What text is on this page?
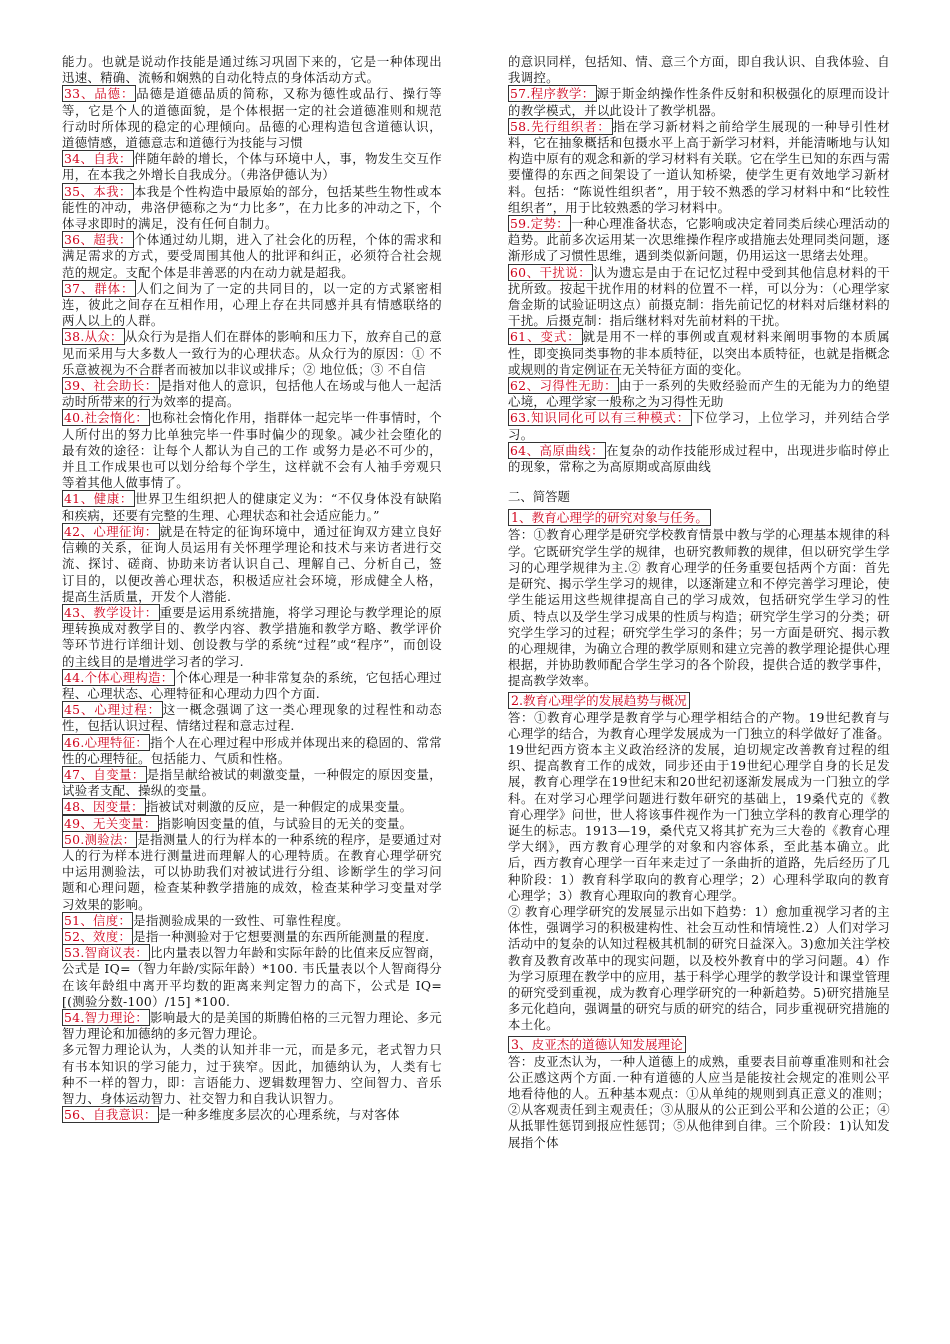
能力。也就是说动作技能是通过练习巩固下来的，它是一种体现出迅速、精确、流畅和娴熟的自动化特点的身体活动方式。

33、品德： 品德是道德品质的简称，又称为德性或品行、操行等等，它是个人的道德面貌，是个体根据一定的社会道德准则和规范行动时所体现的稳定的心理倾向。品德的心理构造包含道德认识，道德情感，道德意志和道德行为技能与习惯

34、自我： 伴随年龄的增长，个体与环境中人，事，物发生交互作用，在本我之外增长自我成分。（弗洛伊德认为）

35、本我： 本我是个性构造中最原始的部分，包括某些生物性或本能性的冲动，弗洛伊德称之为“力比多”，在力比多的冲动之下，个体寻求即时的满足，没有任何自制力。

36、超我： 个体通过幼儿期，进入了社会化的历程，个体的需求和满足需求的方式，要受周围其他人的批评和纠正，必须符合社会规范的规定。支配个体是非善恶的内在动力就是超我。

37、群体： 人们之间为了一定的共同目的，以一定的方式紧密相连，彼此之间存在互相作用，心理上存在共同感并具有情感联络的两人以上的人群。

38.从众： 从众行为是指人们在群体的影响和压力下，放弃自己的意见而采用与大多数人一致行为的心理状态。从众行为的原因：① 不乐意被视为不合群者而被加以非议或排斥；② 地位低；③ 不自信

39、社会助长： 是指对他人的意识，包括他人在场或与他人一起活动时所带来的行为效率的提高。

40.社会惰化： 也称社会惰化作用，指群体一起完毕一件事情时，个人所付出的努力比单独完毕一件事时偏少的现象。减少社会堕化的最有效的途径：让每个人都认为自己的工作 或努力是必不可少的，并且工作成果也可以划分给每个学生，这样就不会有人袖手旁观只等着其他人做事情了。

41、健康： 世界卫生组织把人的健康定义为：“不仅身体没有缺陷和疾病，还要有完整的生理、心理状态和社会适应能力。”

42、心理征询： 就是在特定的征询环境中，通过征询双方建立良好信赖的关系，征询人员运用有关怀理学理论和技术与来访者进行交流、探讨、磋商、协助来访者认识自己、理解自己、分析自己，签订目的，以便改善心理状态，积极适应社会环境，形成健全人格，提高生活质量，开发个人潜能.

43、教学设计： 重要是运用系统措施，将学习理论与教学理论的原理转换成对教学目的、教学内容、教学措施和教学方略、教学评价等环节进行详细计划、创设教与学的系统“过程”或“程序”，而创设的主线目的是增进学习者的学习.

44.个体心理构造： 个体心理是一种非常复杂的系统，它包括心理过程、心理状态、心理特征和心理动力四个方面.

45、心理过程： 这一概念强调了这一类心理现象的过程性和动态性，包括认识过程、情绪过程和意志过程.

46.心理特征： 指个人在心理过程中形成并体现出来的稳固的、常常性的心理特征。包括能力、气质和性格。

47、自变量： 是指呈献给被试的刺激变量，一种假定的原因变量，试验者支配、操纵的变量。

48、因变量： 指被试对刺激的反应，是一种假定的成果变量。

49、无关变量： 指影响因变量的值，与试验目的无关的变量。

50.测验法： 是指测量人的行为样本的一种系统的程序，是要通过对人的行为样本进行测量进而理解人的心理特质。在教育心理学研究中运用测验法，可以协助我们对被试进行分组、诊断学生的学习问题和心理问题，检查某种教学措施的成效，检查某种学习变量对学习效果的影响。

51、信度： 是指测验成果的一致性、可靠性程度。

52、效度： 是指一种测验对于它想要测量的东西所能测量的程度.

53.智商议表： 比内量表以智力年龄和实际年龄的比值来反应智商，公式是 IQ=（智力年龄/实际年龄）*100. 韦氏量表以个人智商得分在该年龄组中离开平均数的距离来判定智力的高下，公式是 IQ=[(测验分数-100）/15] *100.

54.智力理论： 影响最大的是美国的斯腾伯格的三元智力理论、多元智力理论和加德纳的多元智力理论。

多元智力理论认为，人类的认知并非一元，而是多元，老式智力只有书本知识的学习能力，过于狭窄。因此，加德纳认为，人类有七种不一样的智力，即：言语能力、逻辑数理智力、空间智力、音乐智力、身体运动智力、社交智力和自我认识智力。

56、自我意识： 是一种多维度多层次的心理系统，与对客体

的意识同样，包括知、情、意三个方面，即自我认识、自我体验、自我调控。

57.程序教学： 源于斯金纳操作性条件反射和积极强化的原理而设计的教学模式，并以此设计了教学机器。

58.先行组织者： 指在学习新材料之前给学生展现的一种导引性材料，它在抽象概括和包摄水平上高于新学习材料，并能清晰地与认知构造中原有的观念和新的学习材料有关联。它在学生已知的东西与需要懂得的东西之间架设了一道认知桥梁，使学生更有效地学习新材料。包括：“陈说性组织者”，用于较不熟悉的学习材料中和“比较性组织者”，用于比较熟悉的学习材料中。

59.定势： 一种心理准备状态，它影响或决定着同类后续心理活动的趋势。此前多次运用某一次思维操作程序或措施去处理同类问题，逐渐形成了习惯性思维，遇到类似新问题，仍用运这一思绪去处理。

60、干扰说： 认为遗忘是由于在记忆过程中受到其他信息材料的干扰所致。按起干扰作用的材料的位置不一样，可以分为：（心理学家詹金斯的试验证明这点）前摄克制：指先前记忆的材料对后继材料的干扰。后摄克制：指后继材料对先前材料的干扰。

61、变式： 就是用不一样的事例或直观材料来阐明事物的本质属性，即变换同类事物的非本质特征，以突出本质特征，也就是指概念或规则的肯定例证在无关特征方面的变化。

62、习得性无助： 由于一系列的失败经验而产生的无能为力的绝望心境，心理学家一般称之为习得性无助

63.知识同化可以有三种模式： 下位学习，上位学习，并列结合学习。

64、高原曲线： 在复杂的动作技能形成过程中，出现进步临时停止的现象，常称之为高原期或高原曲线

二、简答题
1、教育心理学的研究对象与任务。

答：①教育心理学是研究学校教育情景中教与学的心理基本规律的科学。它既研究学生学的规律，也研究教师教的规律，但以研究学生学习的心理学规律为主.② 教育心理学的任务重要包括两个方面：首先是研究、揭示学生学习的规律，以逐渐建立和不停完善学习理论，使学生能运用这些规律提高自己的学习成效，包括研究学生学习的性质、特点以及学生学习成果的性质与构造；研究学生学习的分类；研究学生学习的过程；研究学生学习的条件；另一方面是研究、揭示教的心理规律，为确立合理的教学原则和建立完善的教学理论提供心理根据，并协助教师配合学生学习的各个阶段，提供合适的教学事件，提高教学效率。

2.教育心理学的发展趋势与概况

答：①教育心理学是教育学与心理学相结合的产物。19世纪教育与心理学的结合，为教育心理学发展成为一门独立的科学做好了准备。19世纪西方资本主义政治经济的发展，迫切规定改善教育过程的组织、提高教育工作的成效，同步还由于19世纪心理学自身的长足发展，教育心理学在19世纪末和20世纪初逐渐发展成为一门独立的学科。在对学习心理学问题进行数年研究的基础上，19桑代克的《教育心理学》问世，世人将该事件视作为一门独立学科的教育心理学的诞生的标志。1913—19，桑代克又将其扩充为三大卷的《教育心理学大纲》，西方教育心理学的对象和内容体系，至此基本确立。此后，西方教育心理学一百年来走过了一条曲折的道路，先后经历了几种阶段：1）教育科学取向的教育心理学；2）心理科学取向的教育心理学；3）教育心理取向的教育心理学。

② 教育心理学研究的发展显示出如下趋势：1）愈加重视学习者的主体性，强调学习的积极建构性、社会互动性和情境性.2）人们对学习活动中的复杂的认知过程极其机制的研究日益深入。3)愈加关注学校教育及教育改革中的现实问题，以及校外教育中的学习问题。4）作为学习原理在教学中的应用，基于科学心理学的教学设计和课堂管理的研究受到重视，成为教育心理学研究的一种新趋势。5)研究措施呈多元化趋向，强调量的研究与质的研究的结合，同步重视研究措施的本土化。

3、皮亚杰的道德认知发展理论

答：皮亚杰认为，一种人道德上的成熟，重要表目前尊重准则和社会公正感这两个方面.一种有道德的人应当是能按社会规定的准则公平地看待他的人。五种基本观点：①从单纯的规则到真正意义的准则；②从客观责任到主观责任；③从服从的公正到公平和公道的公正；④从抵罪性惩罚到报应性惩罚；⑤从他律到自律。三个阶段：1)认知发展指个体
